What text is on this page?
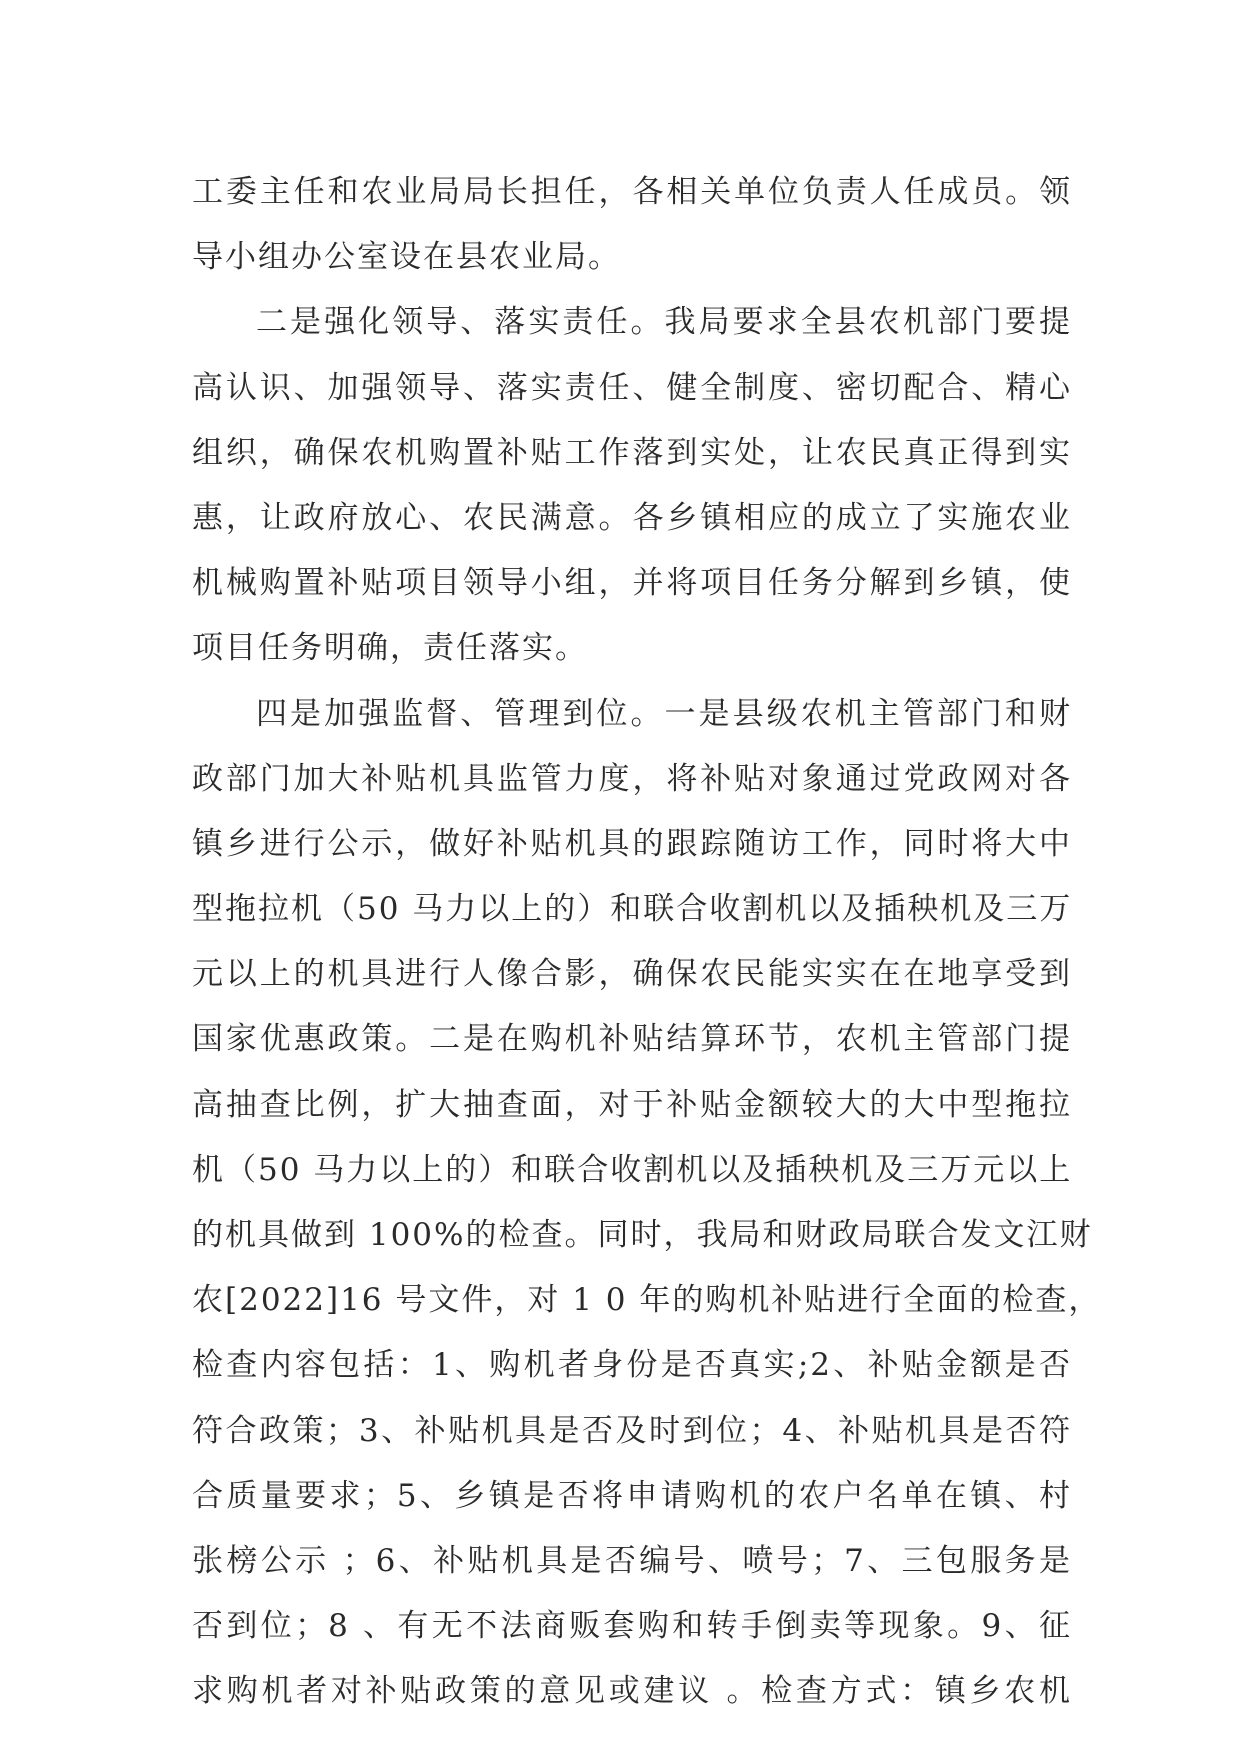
工委主任和农业局局长担任，各相关单位负责人任成员。领
导小组办公室设在县农业局。
二是强化领导、落实责任。我局要求全县农机部门要提
高认识、加强领导、落实责任、健全制度、密切配合、精心
组织，确保农机购置补贴工作落到实处，让农民真正得到实
惠，让政府放心、农民满意。各乡镇相应的成立了实施农业
机械购置补贴项目领导小组，并将项目任务分解到乡镇，使
项目任务明确，责任落实。
四是加强监督、管理到位。一是县级农机主管部门和财
政部门加大补贴机具监管力度，将补贴对象通过党政网对各
镇乡进行公示，做好补贴机具的跟踪随访工作，同时将大中
型拖拉机（50 马力以上的）和联合收割机以及插秧机及三万
元以上的机具进行人像合影，确保农民能实实在在地享受到
国家优惠政策。二是在购机补贴结算环节，农机主管部门提
高抽查比例，扩大抽查面，对于补贴金额较大的大中型拖拉
机（50 马力以上的）和联合收割机以及插秧机及三万元以上
的机具做到 100%的检查。同时，我局和财政局联合发文江财
农[2022]16 号文件，对 1 0 年的购机补贴进行全面的检查，
检查内容包括：1、购机者身份是否真实;2、补贴金额是否
符合政策；3、补贴机具是否及时到位；4、补贴机具是否符
合质量要求；5、乡镇是否将申请购机的农户名单在镇、村
张榜公示 ；6、补贴机具是否编号、喷号；7、三包服务是
否到位；8 、有无不法商贩套购和转手倒卖等现象。9、征
求购机者对补贴政策的意见或建议 。检查方式：镇乡农机
